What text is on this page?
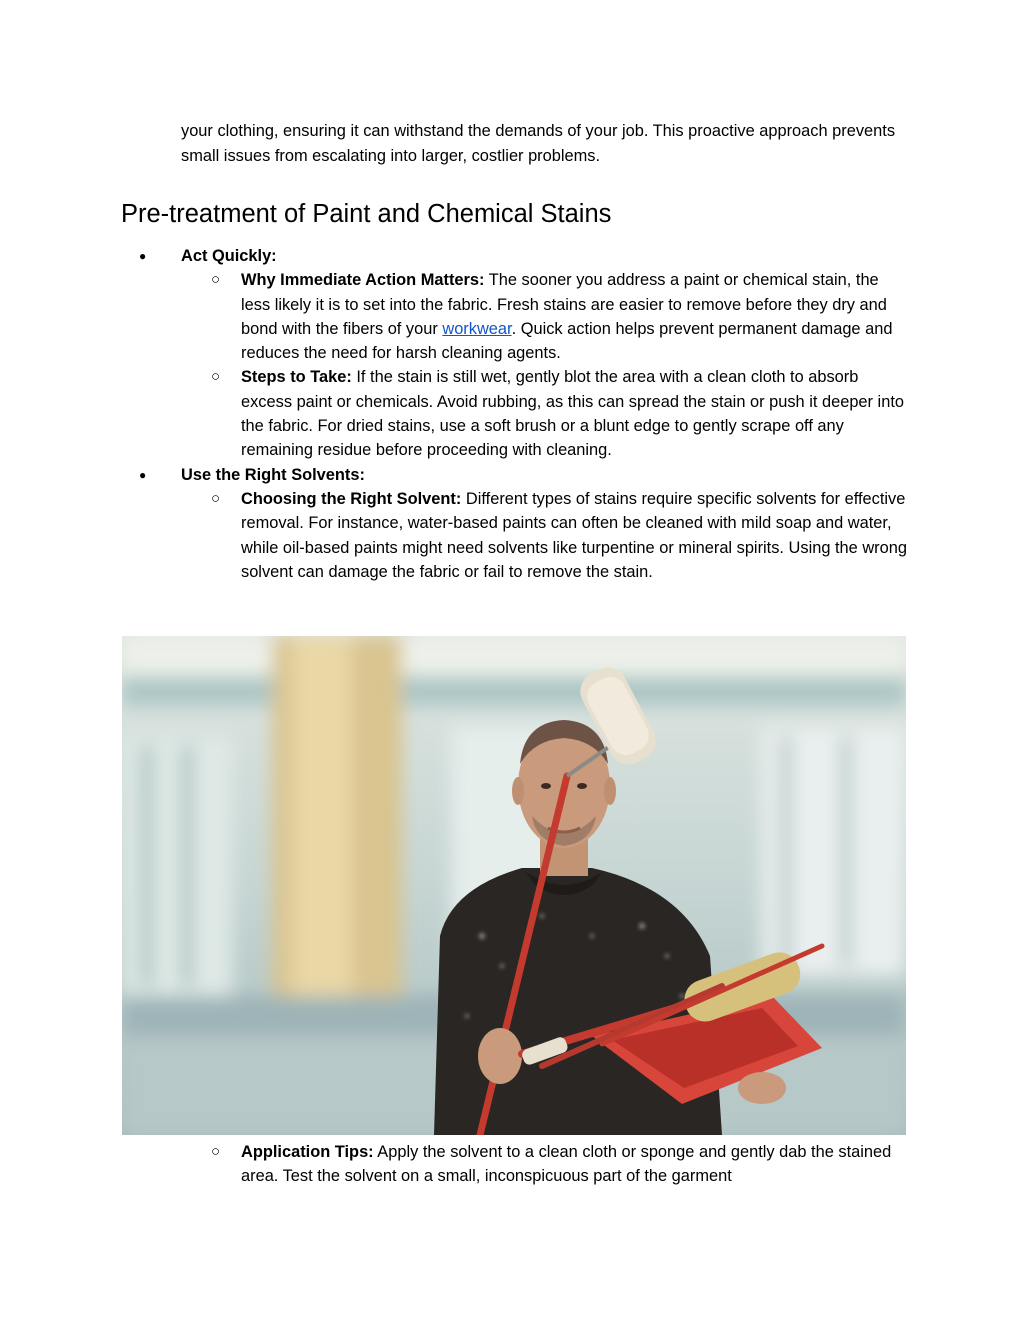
your clothing, ensuring it can withstand the demands of your job. This proactive approach prevents small issues from escalating into larger, costlier problems.

Pre-treatment of Paint and Chemical Stains
● Act Quickly:
○ Why Immediate Action Matters: The sooner you address a paint or chemical stain, the less likely it is to set into the fabric. Fresh stains are easier to remove before they dry and bond with the fibers of your workwear. Quick action helps prevent permanent damage and reduces the need for harsh cleaning agents.
○ Steps to Take: If the stain is still wet, gently blot the area with a clean cloth to absorb excess paint or chemicals. Avoid rubbing, as this can spread the stain or push it deeper into the fabric. For dried stains, use a soft brush or a blunt edge to gently scrape off any remaining residue before proceeding with cleaning.
● Use the Right Solvents:
○ Choosing the Right Solvent: Different types of stains require specific solvents for effective removal. For instance, water-based paints can often be cleaned with mild soap and water, while oil-based paints might need solvents like turpentine or mineral spirits. Using the wrong solvent can damage the fabric or fail to remove the stain.
○ Application Tips: Apply the solvent to a clean cloth or sponge and gently dab the stained area. Test the solvent on a small, inconspicuous part of the garment
